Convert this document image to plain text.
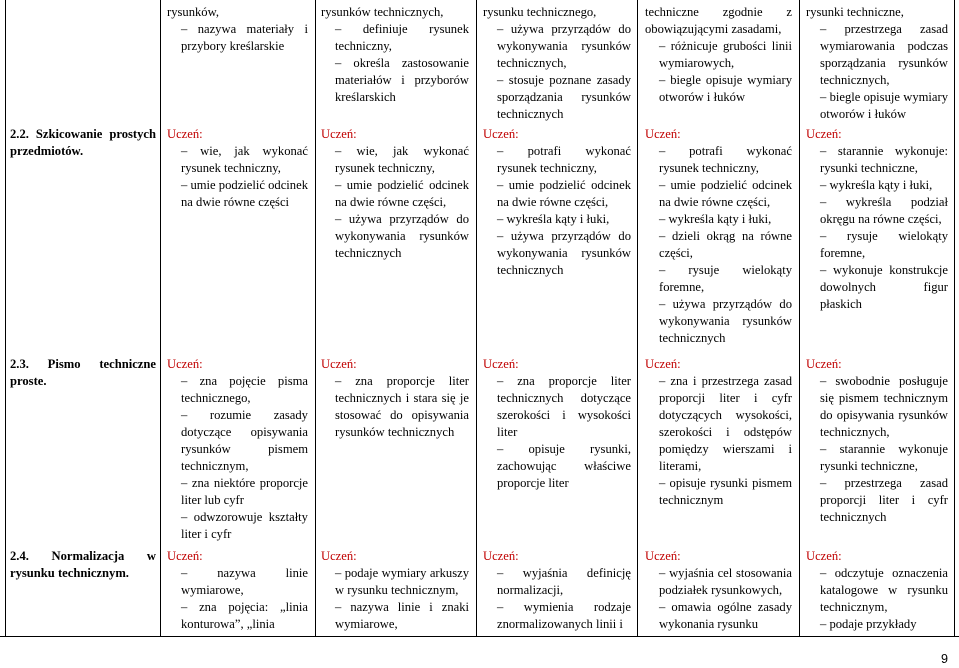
2.2. Szkicowanie prostych przedmiotów.
2.3. Pismo techniczne proste.
2.4. Normalizacja w rysunku technicznym.
rysunków,
– nazywa materiały i przybory kreślarskie
Uczeń:
– wie, jak wykonać rysunek techniczny,
– umie podzielić odcinek na dwie równe części
Uczeń:
– zna pojęcie pisma technicznego,
– rozumie zasady dotyczące opisywania rysunków pismem technicznym,
– zna niektóre proporcje liter lub cyfr
– odwzorowuje kształty liter i cyfr
Uczeń:
– nazywa linie wymiarowe,
– zna pojęcia: „linia konturowa”, „linia
rysunków technicznych,
– definiuje rysunek techniczny,
– określa zastosowanie materiałów i przyborów kreślarskich
Uczeń:
– wie, jak wykonać rysunek techniczny,
– umie podzielić odcinek na dwie równe części,
– używa przyrządów do wykonywania rysunków technicznych
Uczeń:
– zna proporcje liter technicznych i stara się je stosować do opisywania rysunków technicznych
Uczeń:
– podaje wymiary arkuszy w rysunku technicznym,
– nazywa linie i znaki wymiarowe,
rysunku technicznego,
– używa przyrządów do wykonywania rysunków technicznych,
– stosuje poznane zasady sporządzania rysunków technicznych
Uczeń:
– potrafi wykonać rysunek techniczny,
– umie podzielić odcinek na dwie równe części,
– wykreśla kąty i łuki,
– używa przyrządów do wykonywania rysunków technicznych
Uczeń:
– zna proporcje liter technicznych dotyczące szerokości i wysokości liter
– opisuje rysunki, zachowując właściwe proporcje liter
Uczeń:
– wyjaśnia definicję normalizacji,
– wymienia rodzaje znormalizowanych linii i
techniczne zgodnie z obowiązującymi zasadami,
– różnicuje grubości linii wymiarowych,
– biegle opisuje wymiary otworów i łuków
Uczeń:
– potrafi wykonać rysunek techniczny,
– umie podzielić odcinek na dwie równe części,
– wykreśla kąty i łuki,
– dzieli okrąg na równe części,
– rysuje wielokąty foremne,
– używa przyrządów do wykonywania rysunków technicznych
Uczeń:
– zna i przestrzega zasad proporcji liter i cyfr dotyczących wysokości, szerokości i odstępów pomiędzy wierszami i literami,
– opisuje rysunki pismem technicznym
Uczeń:
– wyjaśnia cel stosowania podziałek rysunkowych,
– omawia ogólne zasady wykonania rysunku
rysunki techniczne,
– przestrzega zasad wymiarowania podczas sporządzania rysunków technicznych,
– biegle opisuje wymiary otworów i łuków
Uczeń:
– starannie wykonuje: rysunki techniczne,
– wykreśla kąty i łuki,
– wykreśla podział okręgu na równe części,
– rysuje wielokąty foremne,
– wykonuje konstrukcje dowolnych figur płaskich
Uczeń:
– swobodnie posługuje się pismem technicznym do opisywania rysunków technicznych,
– starannie wykonuje rysunki techniczne,
– przestrzega zasad proporcji liter i cyfr technicznych
Uczeń:
– odczytuje oznaczenia katalogowe w rysunku technicznym,
– podaje przykłady
9
